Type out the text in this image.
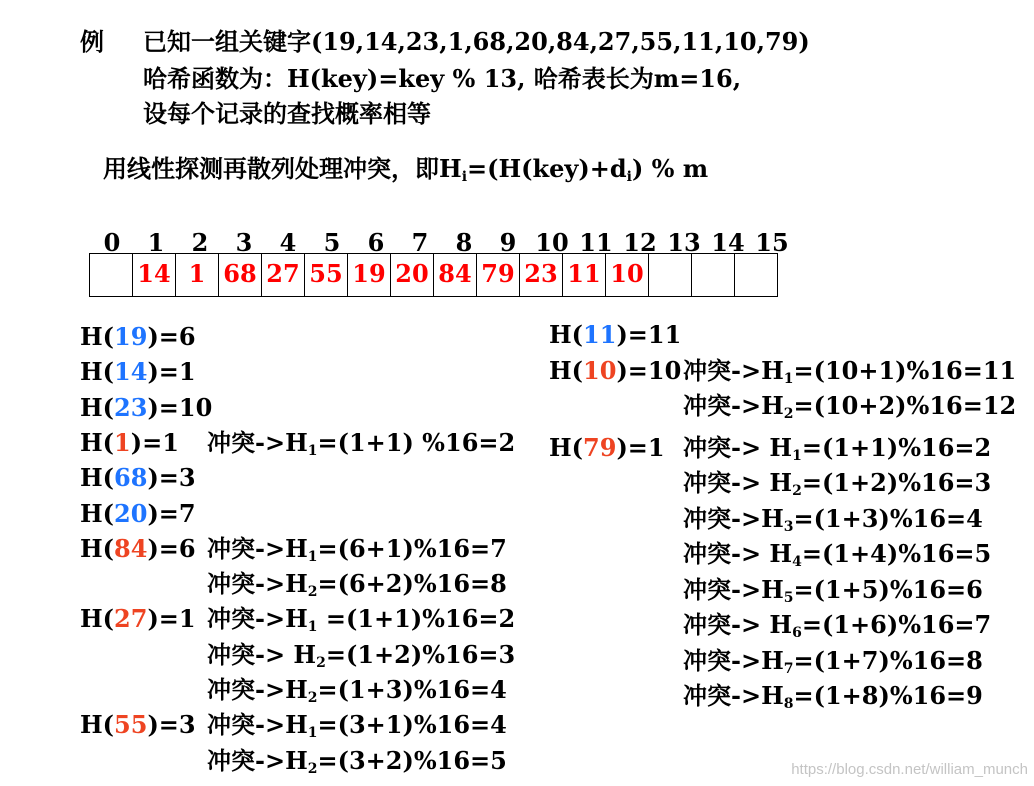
例 已知一组关键字(19,14,23,1,68,20,84,27,55,11,10,79)
哈希函数为：H(key)=key % 13, 哈希表长为m=16,
设每个记录的查找概率相等
用线性探测再散列处理冲突，即$H_i=(H(key)+d_i)$ % m
0	1	2	3	4	5	6	7	8	9 10 11 12 13 14 15
	14	1	68	27	55	19	20	84	79	23	11	10			
H(19)=6
H(14)=1
H(23)=10
H(1)=1 冲突$->H_1=(1+1)$ %16=2
H(68)=3
H(20)=7
H(84)=6 冲突$->H_1=(6+1)\%16=7$
冲突$->H_2=(6+2)\%16=8$
H(27)=1 冲突$->H_1 =(1+1)\%16=2$
冲突-> $H_2=(1+2)\%16=3$
冲突$->H_2=(1+3)\%16=4$
H(55)=3 冲突$->H_1=(3+1)\%16=4$
冲突$->H_2=(3+2)\%16=5$
H(11)=11
H(10)=10 冲突$->H_1=(10+1)\%16=11$
冲突$->H_2=(10+2)\%16=12$
H(79)=1 冲突-> $H_1=(1+1)\%16=2$
冲突-> $H_2=(1+2)\%16=3$
冲突$->H_3=(1+3)\%16=4$
冲突-> $H_4=(1+4)\%16=5$
冲突$->H_5=(1+5)\%16=6$
冲突-> $H_6=(1+6)\%16=7$
冲突$->H_7=(1+7)\%16=8$
冲突$->H_8=(1+8)\%16=9$
https://blog.csdn.net/william_munch
